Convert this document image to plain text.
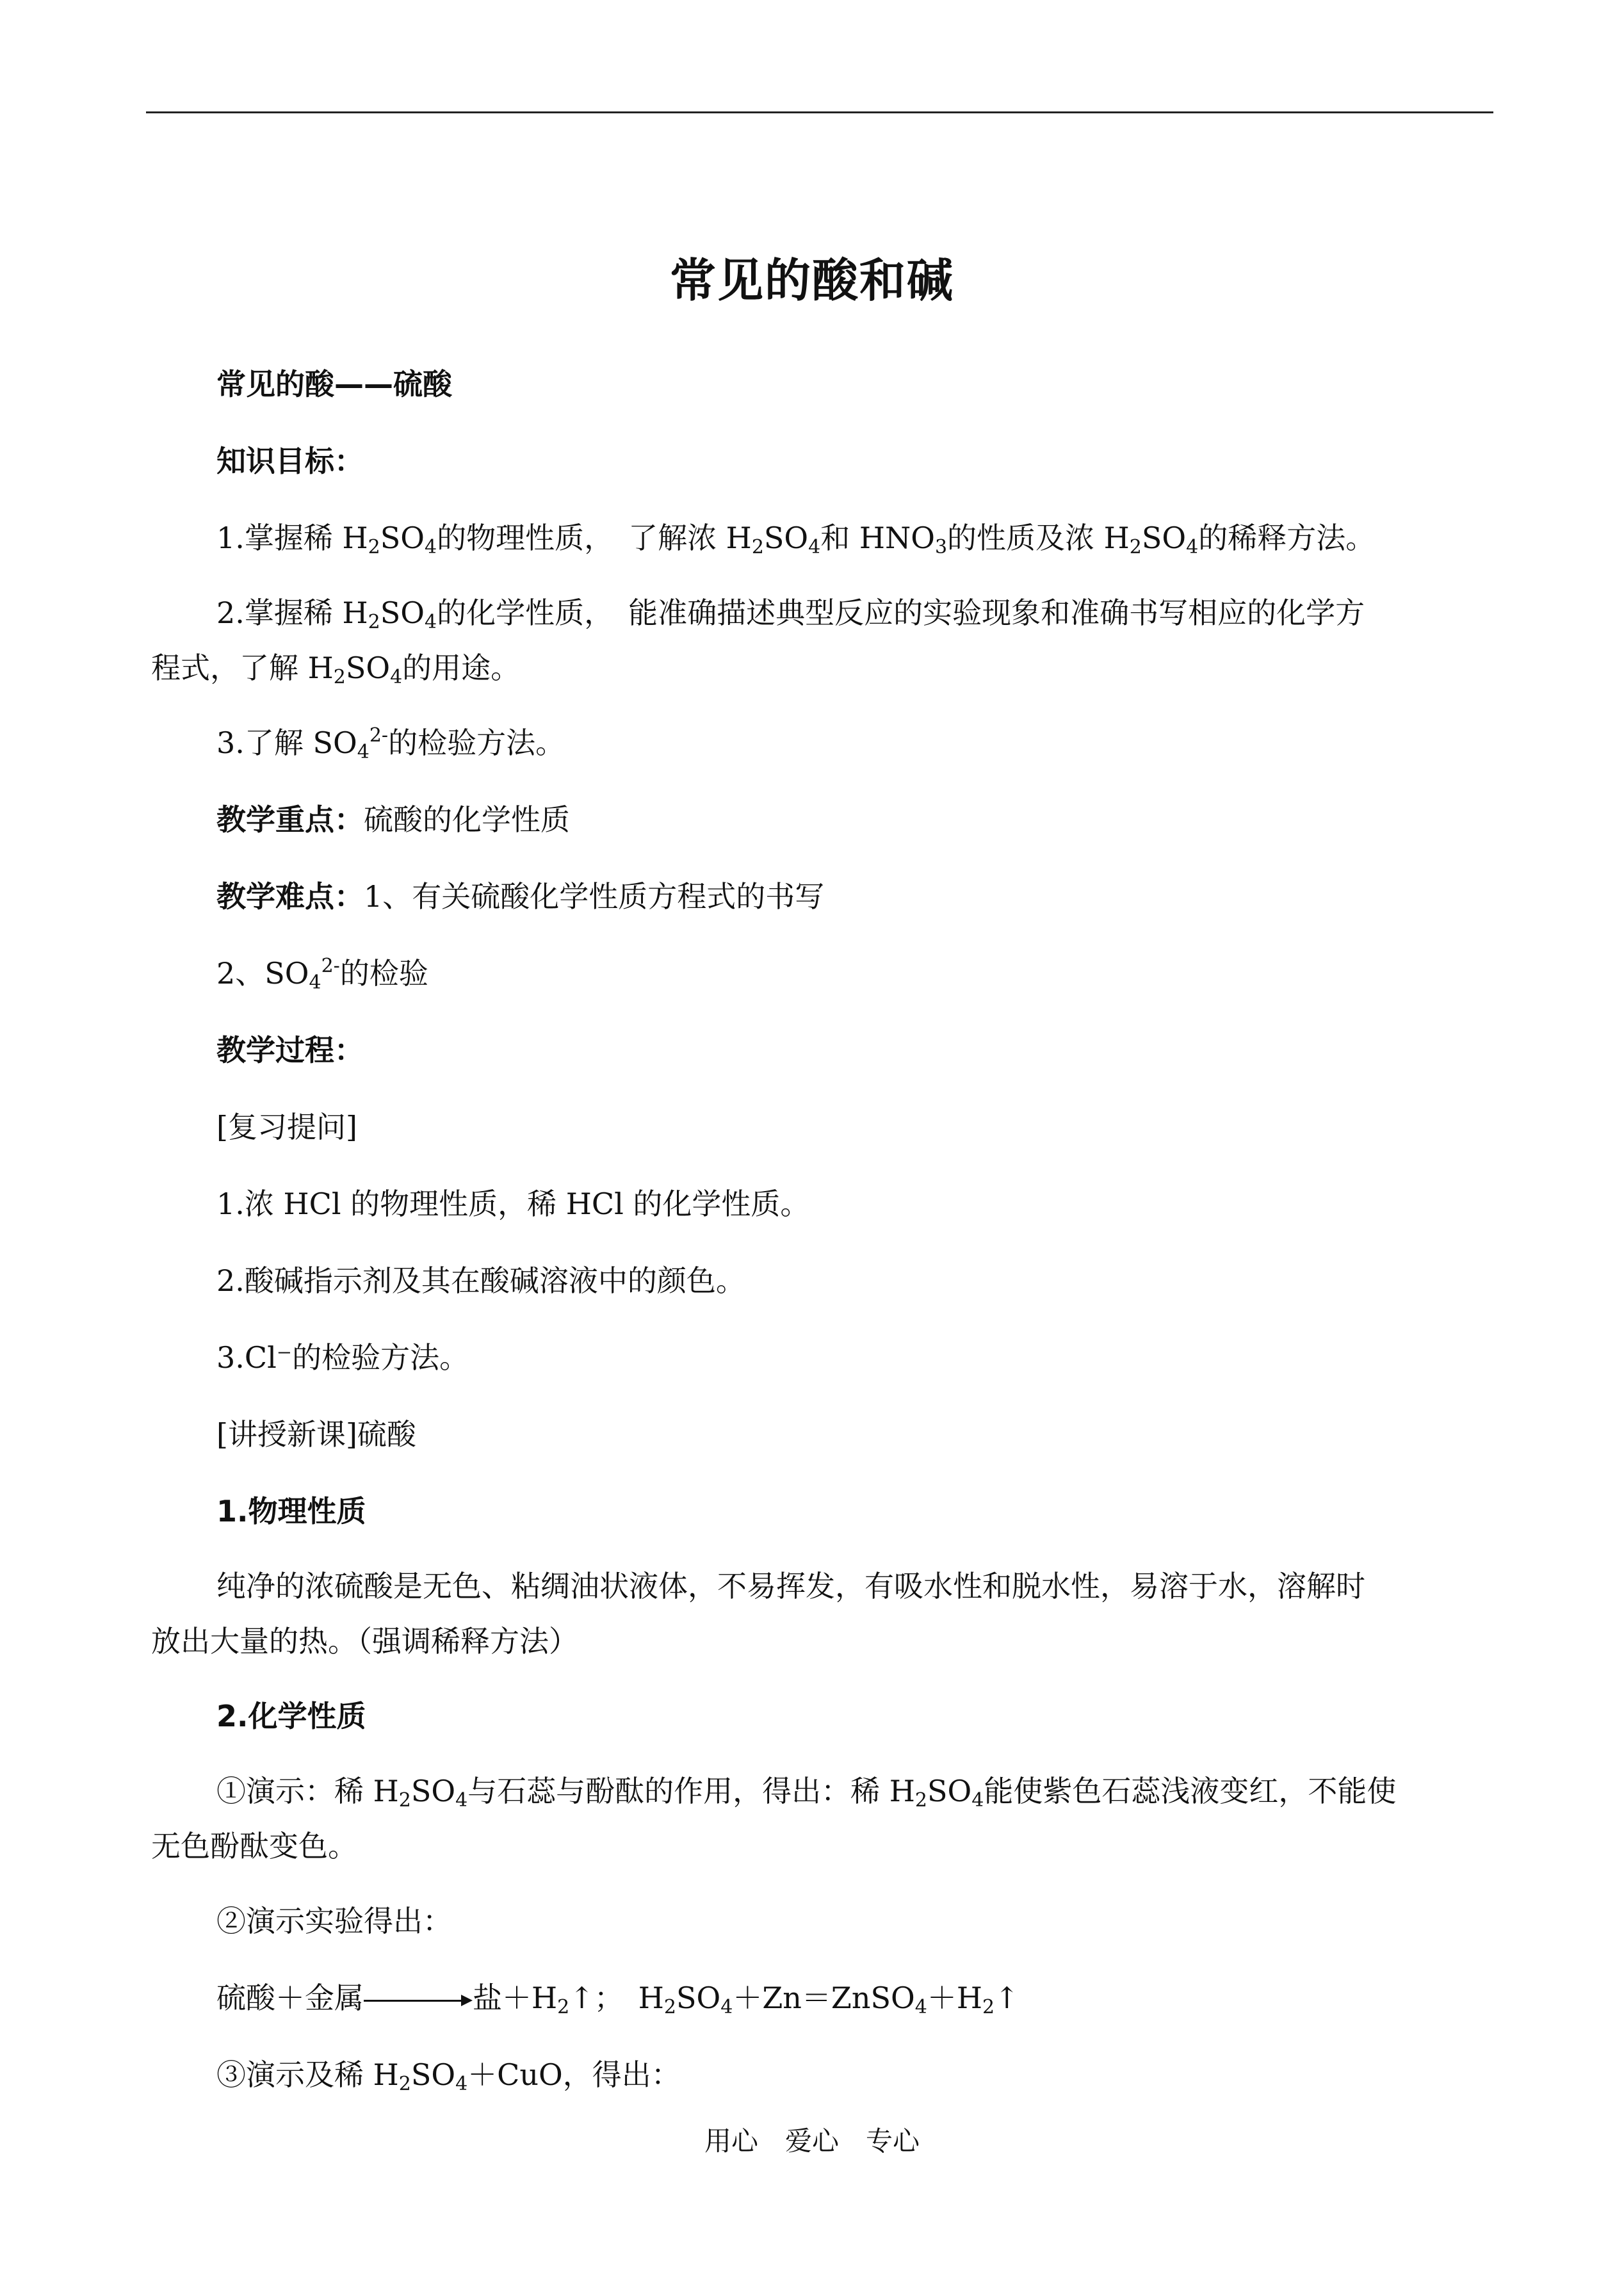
常见的酸和碱
常见的酸——硫酸
知识目标：
1.掌握稀 $H_2SO_4$的物理性质，　了解浓 $H_2SO_4$和 $HNO_3$的性质及浓 $H_2SO_4$的稀释方法。
2.掌握稀 $H_2SO_4$的化学性质，　能准确描述典型反应的实验现象和准确书写相应的化学方
程式，了解 $H_2SO_4$的用途。
3.了解 $SO_4^{2-}$的检验方法。
教学重点：硫酸的化学性质
教学难点：1、有关硫酸化学性质方程式的书写
2、$SO_4^{2-}$的检验
教学过程：
[复习提问]
1.浓 HCl 的物理性质，稀 HCl 的化学性质。
2.酸碱指示剂及其在酸碱溶液中的颜色。
3.Cl⁻的检验方法。
[讲授新课]硫酸
1.物理性质
纯净的浓硫酸是无色、粘绸油状液体，不易挥发，有吸水性和脱水性，易溶于水，溶解时
放出大量的热。（强调稀释方法）
2.化学性质
①演示：稀 $H_2SO_4$与石蕊与酚酞的作用，得出：稀 $H_2SO_4$能使紫色石蕊浅液变红，不能使
无色酚酞变色。
②演示实验得出：
硫酸＋金属	盐$+H_2↑$；　$H_2SO_4+Zn=ZnSO_4+H_2↑$
③演示及稀 $H_2SO_4+CuO$，得出：
用心　爱心　专心
